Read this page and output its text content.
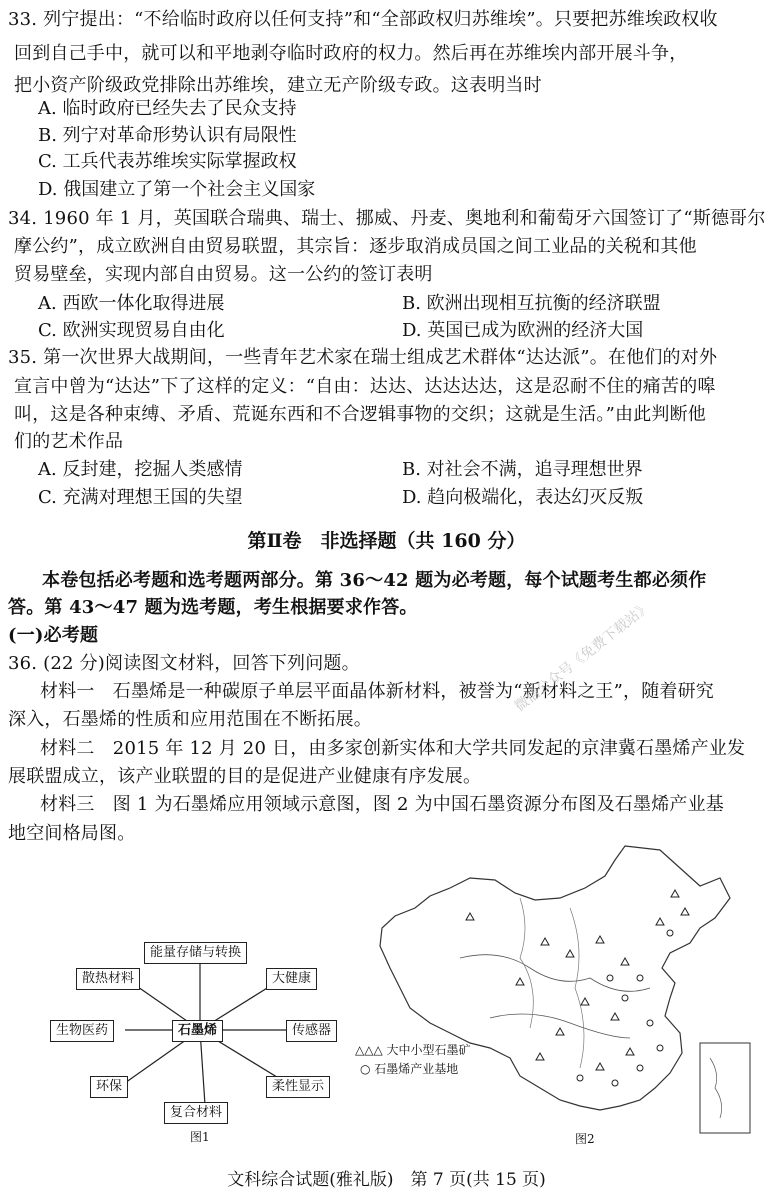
33. 列宁提出：“不给临时政府以任何支持”和“全部政权归苏维埃”。只要把苏维埃政权收
回到自己手中，就可以和平地剥夺临时政府的权力。然后再在苏维埃内部开展斗争，
把小资产阶级政党排除出苏维埃，建立无产阶级专政。这表明当时
A. 临时政府已经失去了民众支持
B. 列宁对革命形势认识有局限性
C. 工兵代表苏维埃实际掌握政权
D. 俄国建立了第一个社会主义国家
34. 1960 年 1 月，英国联合瑞典、瑞士、挪威、丹麦、奥地利和葡萄牙六国签订了“斯德哥尔
摩公约”，成立欧洲自由贸易联盟，其宗旨：逐步取消成员国之间工业品的关税和其他
贸易壁垒，实现内部自由贸易。这一公约的签订表明
A. 西欧一体化取得进展	B. 欧洲出现相互抗衡的经济联盟
C. 欧洲实现贸易自由化	D. 英国已成为欧洲的经济大国
35. 第一次世界大战期间，一些青年艺术家在瑞士组成艺术群体“达达派”。在他们的对外
宣言中曾为“达达”下了这样的定义：“自由：达达、达达达达，这是忍耐不住的痛苦的嗥
叫，这是各种束缚、矛盾、荒诞东西和不合逻辑事物的交织；这就是生活。”由此判断他
们的艺术作品
A. 反封建，挖掘人类感情	B. 对社会不满，追寻理想世界
C. 充满对理想王国的失望	D. 趋向极端化，表达幻灭反叛
第Ⅱ卷　非选择题（共 160 分）
本卷包括必考题和选考题两部分。第 36～42 题为必考题，每个试题考生都必须作
答。第 43～47 题为选考题，考生根据要求作答。
(一)必考题
36. (22 分)阅读图文材料，回答下列问题。
材料一　石墨烯是一种碳原子单层平面晶体新材料，被誉为“新材料之王”，随着研究
深入，石墨烯的性质和应用范围在不断拓展。
材料二　2015 年 12 月 20 日，由多家创新实体和大学共同发起的京津冀石墨烯产业发
展联盟成立，该产业联盟的目的是促进产业健康有序发展。
材料三　图 1 为石墨烯应用领域示意图，图 2 为中国石墨资源分布图及石墨烯产业基
地空间格局图。
能量存储与转换
大健康
传感器
柔性显示
复合材料
环保
生物医药
散热材料
石墨烯
图1
△△△ 大中小型石墨矿
○ 石墨烯产业基地
图2
微信公众号《免费下载站》
文科综合试题(雅礼版)　第 7 页(共 15 页)
